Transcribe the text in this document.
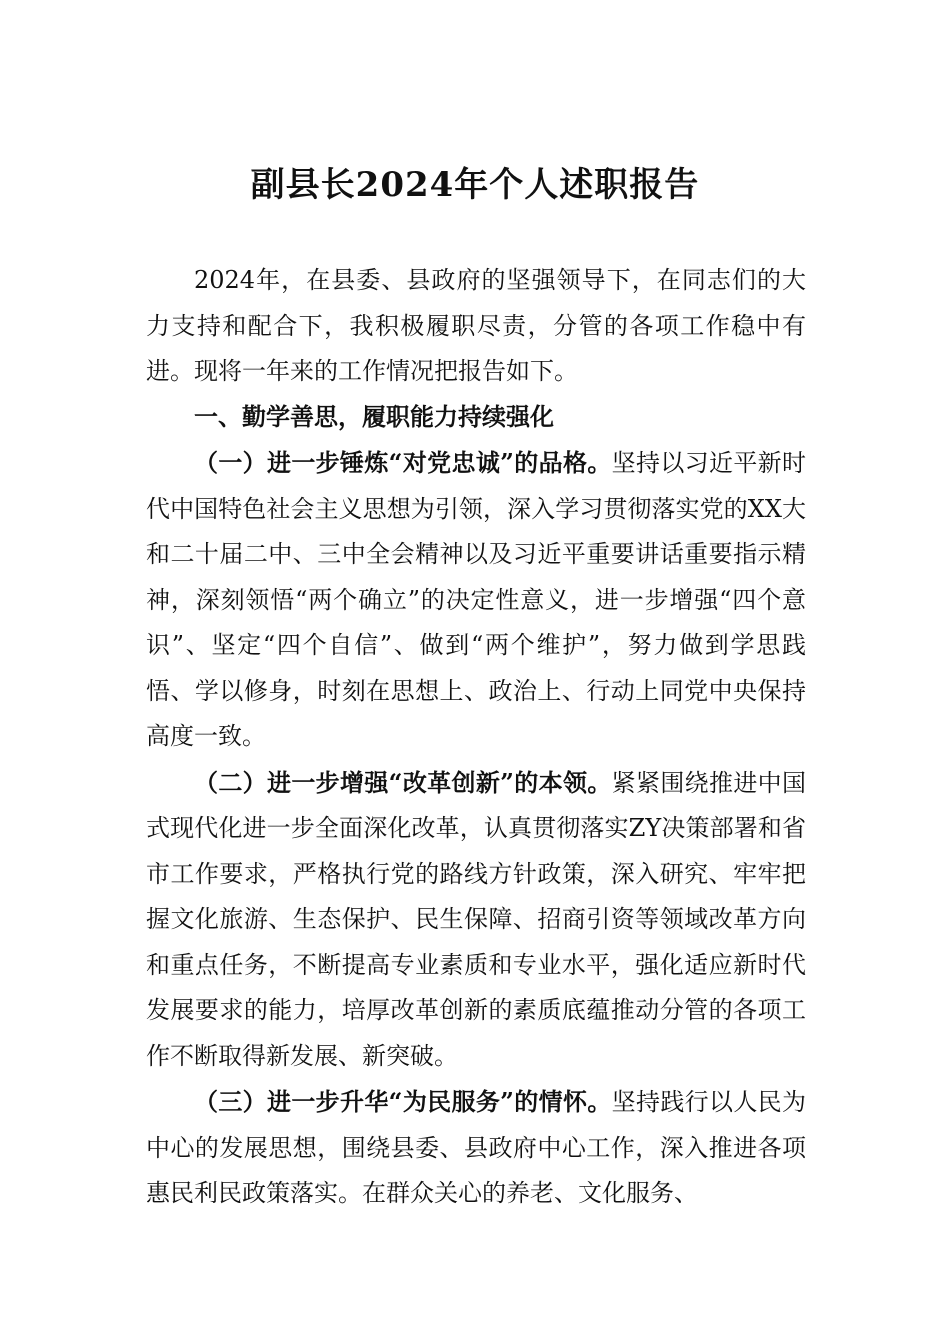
副县长2024年个人述职报告

2024年，在县委、县政府的坚强领导下，在同志们的大力支持和配合下，我积极履职尽责，分管的各项工作稳中有进。现将一年来的工作情况把报告如下。

一、勤学善思，履职能力持续强化

（一）进一步锤炼“对党忠诚”的品格。坚持以习近平新时代中国特色社会主义思想为引领，深入学习贯彻落实党的XX大和二十届二中、三中全会精神以及习近平重要讲话重要指示精神，深刻领悟“两个确立”的决定性意义，进一步增强“四个意识”、坚定“四个自信”、做到“两个维护”，努力做到学思践悟、学以修身，时刻在思想上、政治上、行动上同党中央保持高度一致。

（二）进一步增强“改革创新”的本领。紧紧围绕推进中国式现代化进一步全面深化改革，认真贯彻落实ZY决策部署和省市工作要求，严格执行党的路线方针政策，深入研究、牢牢把握文化旅游、生态保护、民生保障、招商引资等领域改革方向和重点任务，不断提高专业素质和专业水平，强化适应新时代发展要求的能力，培厚改革创新的素质底蕴推动分管的各项工作不断取得新发展、新突破。

（三）进一步升华“为民服务”的情怀。坚持践行以人民为中心的发展思想，围绕县委、县政府中心工作，深入推进各项惠民利民政策落实。在群众关心的养老、文化服务、
